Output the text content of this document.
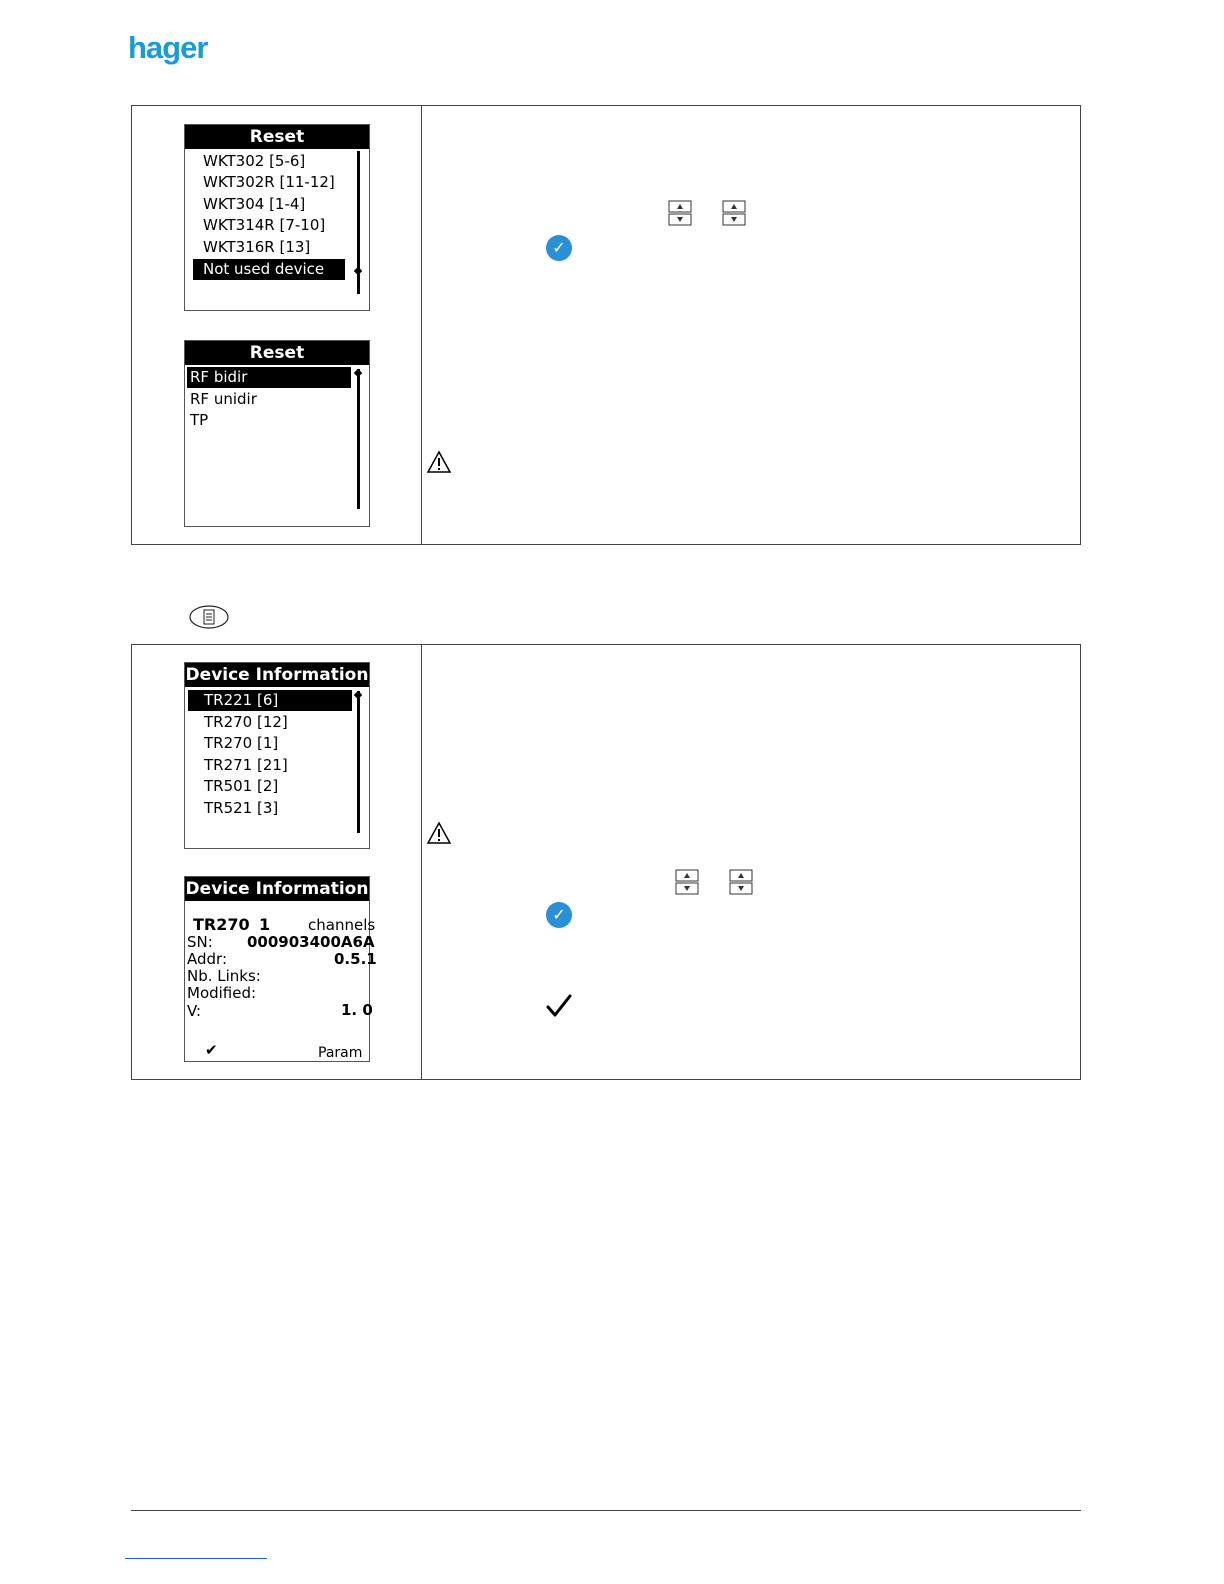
hager
Reset
WKT302 [5-6]
WKT302R [11-12]
WKT304 [1-4]
WKT314R [7-10]
WKT316R [13]
Not used device
Reset
RF bidir
RF unidir
TP
✓
Device Information
TR221 [6]
TR270 [12]
TR270 [1]
TR271 [21]
TR501 [2]
TR521 [3]
Device Information
TR270 1	channels
SN: 000903400A6A
Addr:	0.5.1
Nb. Links:
Modified:
V:	1. 0
✔	Param
✓
